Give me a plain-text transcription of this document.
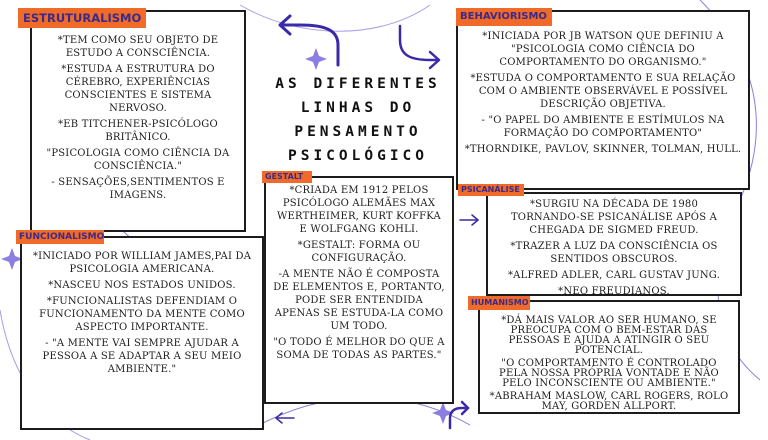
AS DIFERENTES
LINHAS DO
PENSAMENTO
PSICOLÓGICO

*TEM COMO SEU OBJETO DE ESTUDO A CONSCIÊNCIA.

*ESTUDA A ESTRUTURA DO CÉREBRO, EXPERIÊNCIAS CONSCIENTES E SISTEMA NERVOSO.

*EB TITCHENER-PSICÓLOGO BRITÂNICO.

"PSICOLOGIA COMO CIÊNCIA DA CONSCIÊNCIA."

- SENSAÇÕES,SENTIMENTOS E IMAGENS.

ESTRUTURALISMO

*INICIADA POR JB WATSON QUE DEFINIU A "PSICOLOGIA COMO CIÊNCIA DO COMPORTAMENTO DO ORGANISMO."

*ESTUDA O COMPORTAMENTO E SUA RELAÇÃO COM O AMBIENTE OBSERVÁVEL E POSSÍVEL DESCRIÇÃO OBJETIVA.

- "O PAPEL DO AMBIENTE E ESTÍMULOS NA FORMAÇÃO DO COMPORTAMENTO"

*THORNDIKE, PAVLOV, SKINNER, TOLMAN, HULL.

BEHAVIORISMO

*CRIADA EM 1912 PELOS PSICÓLOGO ALEMÃES MAX WERTHEIMER, KURT KOFFKA E WOLFGANG KOHLI.

*GESTALT: FORMA OU CONFIGURAÇÃO.

-A MENTE NÃO É COMPOSTA DE ELEMENTOS E, PORTANTO, PODE SER ENTENDIDA APENAS SE ESTUDA-LA COMO UM TODO.

"O TODO É MELHOR DO QUE A SOMA DE TODAS AS PARTES."

GESTALT

*SURGIU NA DÉCADA DE 1980 TORNANDO-SE PSICANÁLISE APÓS A CHEGADA DE SIGMED FREUD.

*TRAZER A LUZ DA CONSCIÊNCIA OS SENTIDOS OBSCUROS.

*ALFRED ADLER, CARL GUSTAV JUNG.

*NEO FREUDIANOS.

PSICANÁLISE

*INICIADO POR WILLIAM JAMES,PAI DA PSICOLOGIA AMERICANA.

*NASCEU NOS ESTADOS UNIDOS.

*FUNCIONALISTAS DEFENDIAM O FUNCIONAMENTO DA MENTE COMO ASPECTO IMPORTANTE.

- "A MENTE VAI SEMPRE AJUDAR A PESSOA A SE ADAPTAR A SEU MEIO AMBIENTE."

FUNCIONALISMO

*DÁ MAIS VALOR AO SER HUMANO, SE PREOCUPA COM O BEM-ESTAR DAS PESSOAS E AJUDA A ATINGIR O SEU POTENCIAL.

"O COMPORTAMENTO É CONTROLADO PELA NOSSA PRÓPRIA VONTADE E NÃO PELO INCONSCIENTE OU AMBIENTE."

*ABRAHAM MASLOW, CARL ROGERS, ROLO MAY, GORDEN ALLPORT.

HUMANISMO
